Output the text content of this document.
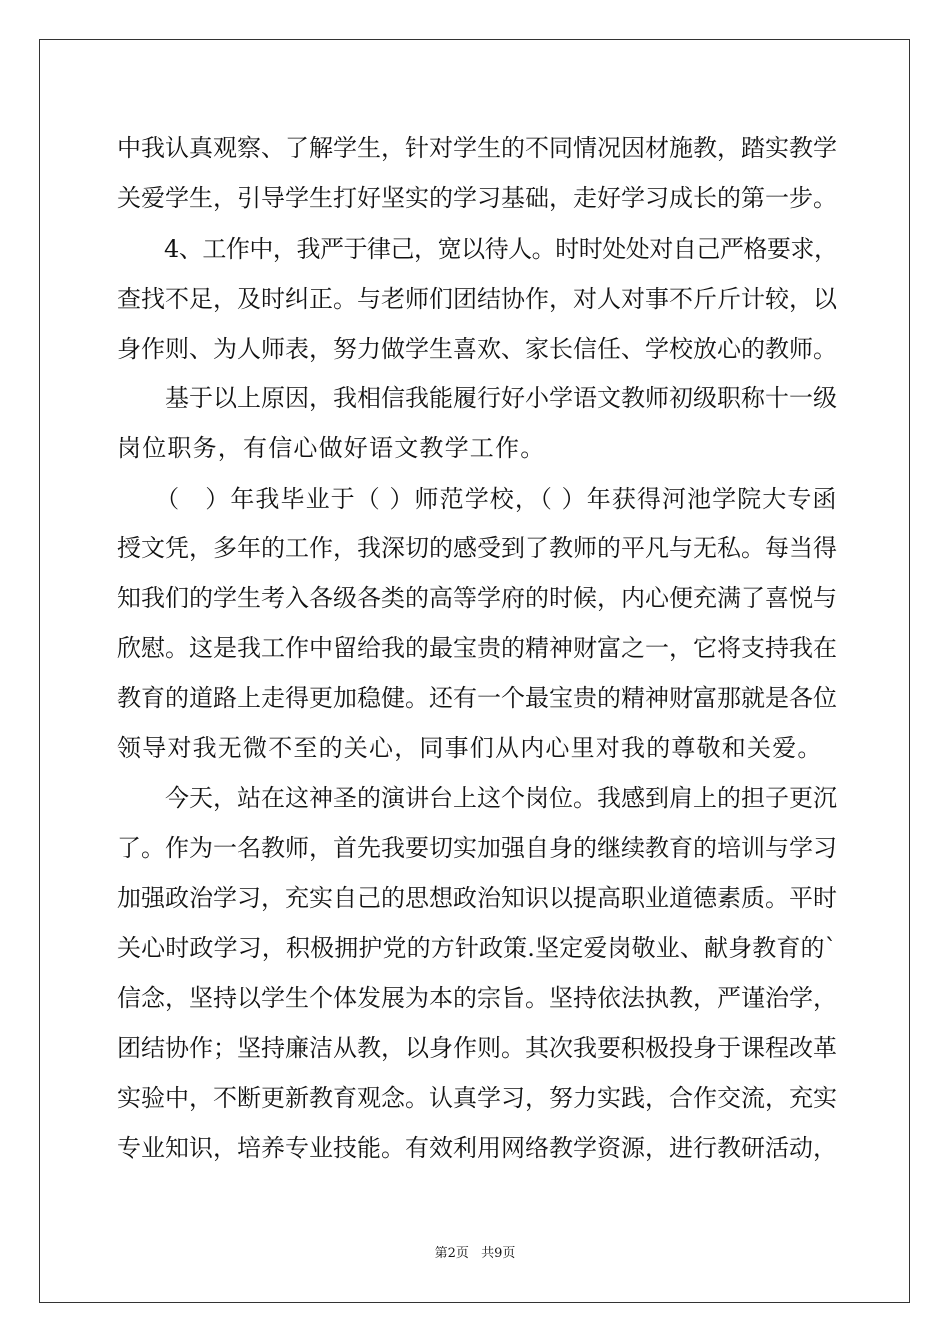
中我认真观察、了解学生，针对学生的不同情况因材施教，踏实教学
关爱学生，引导学生打好坚实的学习基础，走好学习成长的第一步。
　　4、工作中，我严于律己，宽以待人。时时处处对自己严格要求，
查找不足，及时纠正。与老师们团结协作，对人对事不斤斤计较，以
身作则、为人师表，努力做学生喜欢、家长信任、学校放心的教师。
　　基于以上原因，我相信我能履行好小学语文教师初级职称十一级
岗位职务，有信心做好语文教学工作。
　　（　）年我毕业于（ ）师范学校，（ ）年获得河池学院大专函
授文凭，多年的工作，我深切的感受到了教师的平凡与无私。每当得
知我们的学生考入各级各类的高等学府的时候，内心便充满了喜悦与
欣慰。这是我工作中留给我的最宝贵的精神财富之一，它将支持我在
教育的道路上走得更加稳健。还有一个最宝贵的精神财富那就是各位
领导对我无微不至的关心，同事们从内心里对我的尊敬和关爱。
　　今天，站在这神圣的演讲台上这个岗位。我感到肩上的担子更沉
了。作为一名教师，首先我要切实加强自身的继续教育的培训与学习
加强政治学习，充实自己的思想政治知识以提高职业道德素质。平时
关心时政学习，积极拥护党的方针政策.坚定爱岗敬业、献身教育的`
信念，坚持以学生个体发展为本的宗旨。坚持依法执教，严谨治学，
团结协作；坚持廉洁从教，以身作则。其次我要积极投身于课程改革
实验中，不断更新教育观念。认真学习，努力实践，合作交流，充实
专业知识，培养专业技能。有效利用网络教学资源，进行教研活动，
第2页 共9页
